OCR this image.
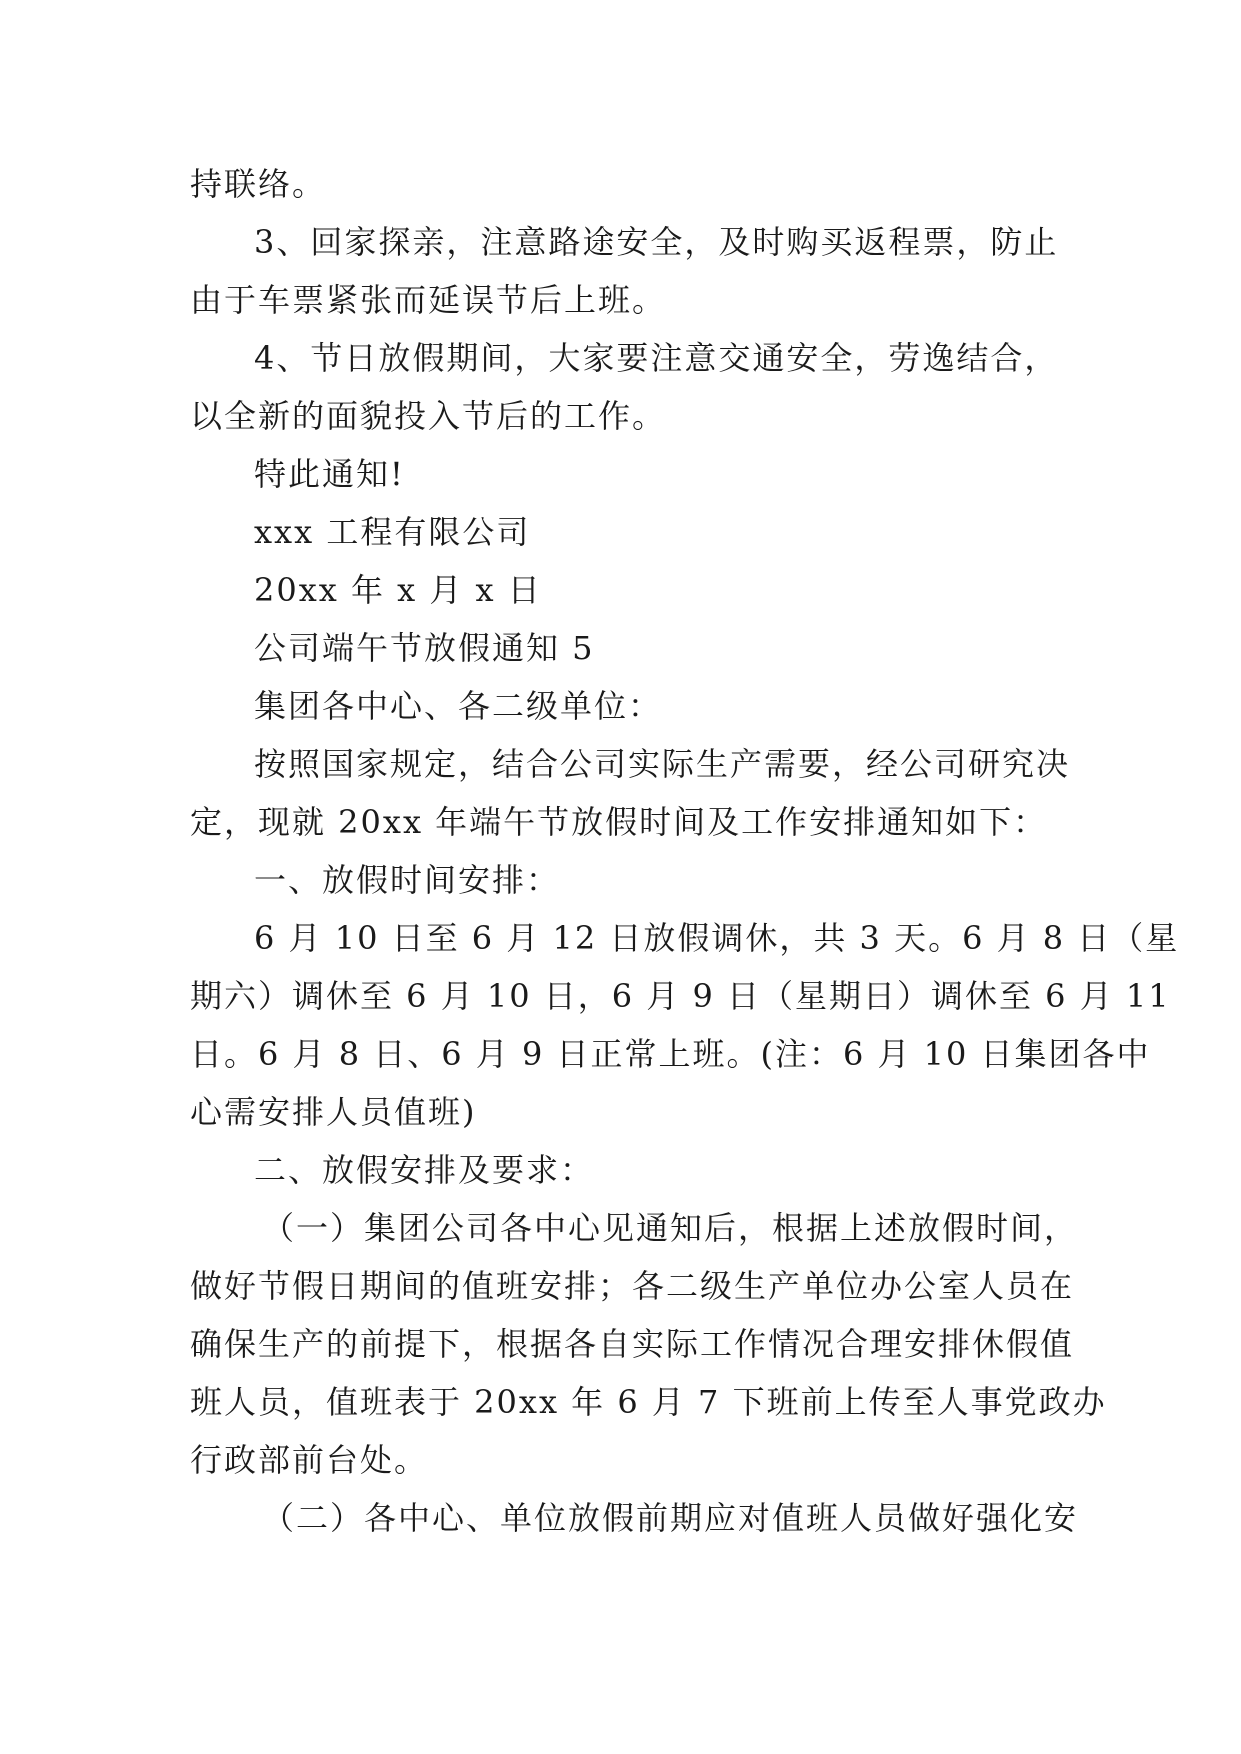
持联络。
3、回家探亲，注意路途安全，及时购买返程票，防止
由于车票紧张而延误节后上班。
4、节日放假期间，大家要注意交通安全，劳逸结合，
以全新的面貌投入节后的工作。
特此通知!
xxx 工程有限公司
20xx 年 x 月 x 日
公司端午节放假通知 5
集团各中心、各二级单位：
按照国家规定，结合公司实际生产需要，经公司研究决
定，现就 20xx 年端午节放假时间及工作安排通知如下：
一、放假时间安排：
6 月 10 日至 6 月 12 日放假调休，共 3 天。6 月 8 日（星
期六）调休至 6 月 10 日，6 月 9 日（星期日）调休至 6 月 11
日。6 月 8 日、6 月 9 日正常上班。(注：6 月 10 日集团各中
心需安排人员值班)
二、放假安排及要求：
（一）集团公司各中心见通知后，根据上述放假时间，
做好节假日期间的值班安排；各二级生产单位办公室人员在
确保生产的前提下，根据各自实际工作情况合理安排休假值
班人员，值班表于 20xx 年 6 月 7 下班前上传至人事党政办
行政部前台处。
（二）各中心、单位放假前期应对值班人员做好强化安
